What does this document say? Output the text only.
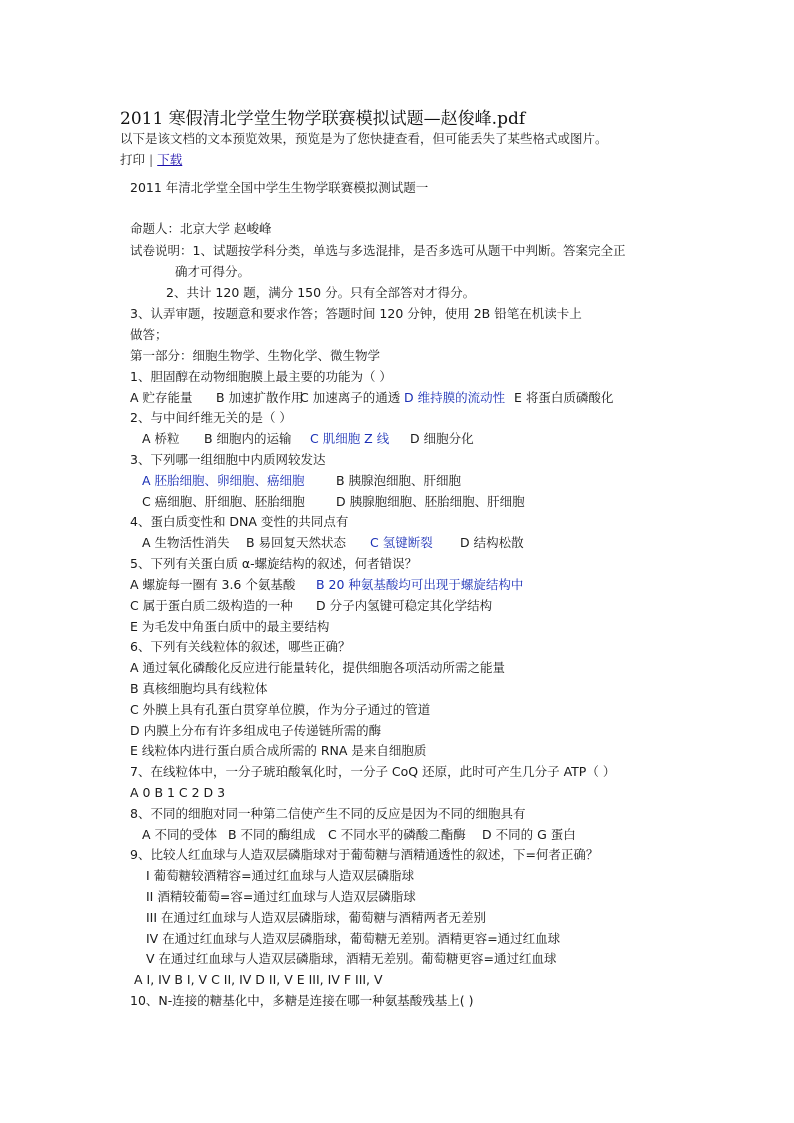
2011 寒假清北学堂生物学联赛模拟试题—赵俊峰.pdf
以下是该文档的文本预览效果，预览是为了您快捷查看，但可能丢失了某些格式或图片。
打印 | 下载
2011 年清北学堂全国中学生生物学联赛模拟测试题一
命题人：北京大学 赵峻峰
试卷说明：1、试题按学科分类，单选与多选混排，是否多选可从题干中判断。答案完全正
确才可得分。
2、共计 120 题，满分 150 分。只有全部答对才得分。
3、认弄审题，按题意和要求作答；答题时间 120 分钟，使用 2B 铅笔在机读卡上
做答；
第一部分：细胞生物学、生物化学、微生物学
1、胆固醇在动物细胞膜上最主要的功能为（ ）
A 贮存能量 B 加速扩散作用
C 加速离子的通透 D 维持膜的流动性 E 将蛋白质磷酸化
2、与中间纤维无关的是（ ）
A 桥粒 B 细胞内的运输 C 肌细胞 Z 线 D 细胞分化
3、下列哪一组细胞中内质网较发达
A 胚胎细胞、卵细胞、癌细胞	B 胰腺泡细胞、肝细胞
C 癌细胞、肝细胞、胚胎细胞	D 胰腺胞细胞、胚胎细胞、肝细胞
4、蛋白质变性和 DNA 变性的共同点有
A 生物活性消失 B 易回复天然状态 C 氢键断裂 D 结构松散
5、下列有关蛋白质 α-螺旋结构的叙述，何者错误？
A 螺旋每一圈有 3.6 个氨基酸 B 20 种氨基酸均可出现于螺旋结构中
C 属于蛋白质二级构造的一种 D 分子内氢键可稳定其化学结构
E 为毛发中角蛋白质中的最主要结构
6、下列有关线粒体的叙述，哪些正确？
A 通过氧化磷酸化反应进行能量转化，提供细胞各项活动所需之能量
B 真核细胞均具有线粒体
C 外膜上具有孔蛋白贯穿单位膜，作为分子通过的管道
D 内膜上分布有许多组成电子传递链所需的酶
E 线粒体内进行蛋白质合成所需的 RNA 是来自细胞质
7、在线粒体中，一分子琥珀酸氧化时，一分子 CoQ 还原，此时可产生几分子 ATP（ ）
A 0 B 1 C 2 D 3
8、不同的细胞对同一种第二信使产生不同的反应是因为不同的细胞具有
A 不同的受体 B 不同的酶组成 C 不同水平的磷酸二酯酶 D 不同的 G 蛋白
9、比较人红血球与人造双层磷脂球对于葡萄糖与酒精通透性的叙述，下=何者正确？
I 葡萄糖较酒精容=通过红血球与人造双层磷脂球
II 酒精较葡萄=容=通过红血球与人造双层磷脂球
III 在通过红血球与人造双层磷脂球，葡萄糖与酒精两者无差别
IV 在通过红血球与人造双层磷脂球，葡萄糖无差别。酒精更容=通过红血球
V 在通过红血球与人造双层磷脂球，酒精无差别。葡萄糖更容=通过红血球
A I, IV B I, V C II, IV D II, V E III, IV F III, V
10、N-连接的糖基化中，多糖是连接在哪一种氨基酸残基上( )
